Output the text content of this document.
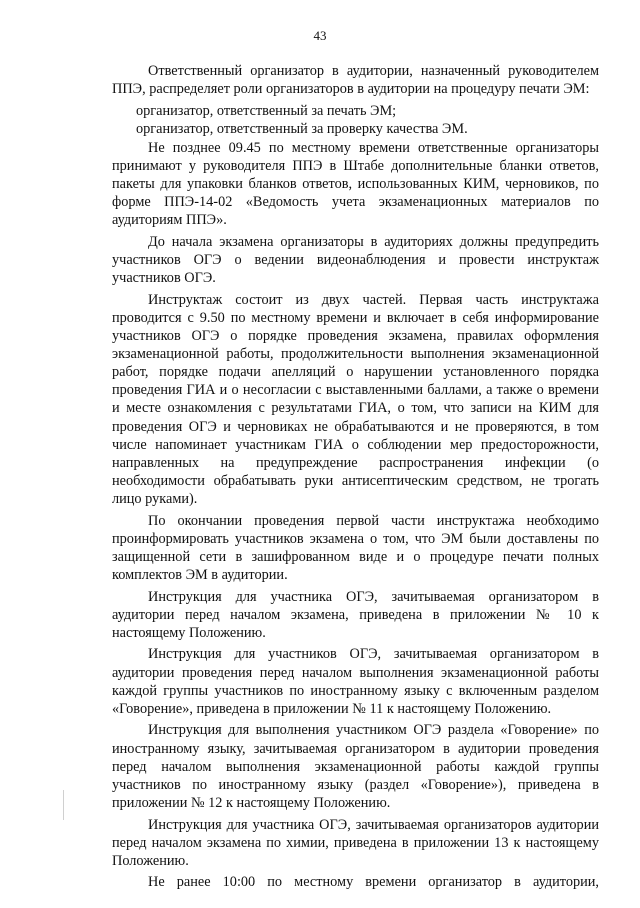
43

Ответственный организатор в аудитории, назначенный руководителем ППЭ, распределяет роли организаторов в аудитории на процедуру печати ЭМ:

организатор, ответственный за печать ЭМ;

организатор, ответственный за проверку качества ЭМ.

Не позднее 09.45 по местному времени ответственные организаторы принимают у руководителя ППЭ в Штабе дополнительные бланки ответов, пакеты для упаковки бланков ответов, использованных КИМ, черновиков, по форме ППЭ-14-02 «Ведомость учета экзаменационных материалов по аудиториям ППЭ».

До начала экзамена организаторы в аудиториях должны предупредить участников ОГЭ о ведении видеонаблюдения и провести инструктаж участников ОГЭ.

Инструктаж состоит из двух частей. Первая часть инструктажа проводится с 9.50 по местному времени и включает в себя информирование участников ОГЭ о порядке проведения экзамена, правилах оформления экзаменационной работы, продолжительности выполнения экзаменационной работ, порядке подачи апелляций о нарушении установленного порядка проведения ГИА и о несогласии с выставленными баллами, а также о времени и месте ознакомления с результатами ГИА, о том, что записи на КИМ для проведения ОГЭ и черновиках не обрабатываются и не проверяются, в том числе напоминает участникам ГИА о соблюдении мер предосторожности, направленных на предупреждение распространения инфекции (о необходимости обрабатывать руки антисептическим средством, не трогать лицо руками).

По окончании проведения первой части инструктажа необходимо проинформировать участников экзамена о том, что ЭМ были доставлены по защищенной сети в зашифрованном виде и о процедуре печати полных комплектов ЭМ в аудитории.

Инструкция для участника ОГЭ, зачитываемая организатором в аудитории перед началом экзамена, приведена в приложении № 10 к настоящему Положению.

Инструкция для участников ОГЭ, зачитываемая организатором в аудитории проведения перед началом выполнения экзаменационной работы каждой группы участников по иностранному языку с включенным разделом «Говорение», приведена в приложении № 11 к настоящему Положению.

Инструкция для выполнения участником ОГЭ раздела «Говорение» по иностранному языку, зачитываемая организатором в аудитории проведения перед началом выполнения экзаменационной работы каждой группы участников по иностранному языку (раздел «Говорение»), приведена в приложении № 12 к настоящему Положению.

Инструкция для участника ОГЭ, зачитываемая организаторов аудитории перед началом экзамена по химии, приведена в приложении 13 к настоящему Положению.

Не ранее 10:00 по местному времени организатор в аудитории,
